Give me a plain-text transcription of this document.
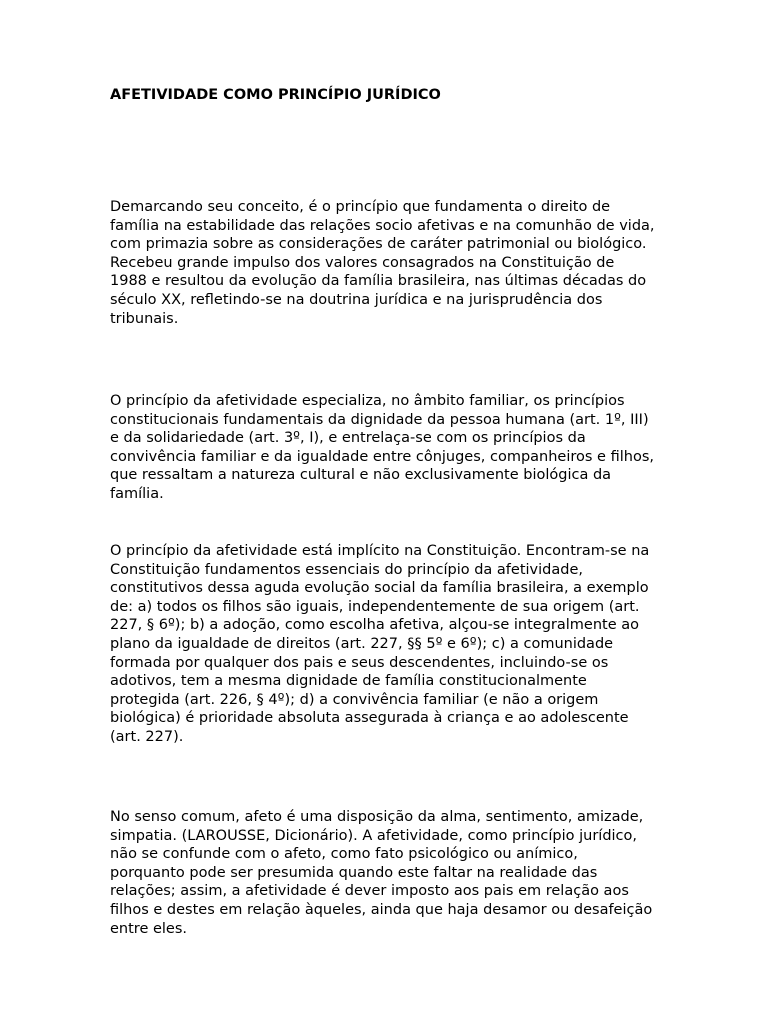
AFETIVIDADE COMO PRINCÍPIO JURÍDICO

Demarcando seu conceito, é o princípio que fundamenta o direito de família na estabilidade das relações socio afetivas e na comunhão de vida, com primazia sobre as considerações de caráter patrimonial ou biológico. Recebeu grande impulso dos valores consagrados na Constituição de 1988 e resultou da evolução da família brasileira, nas últimas décadas do século XX, refletindo-se na doutrina jurídica e na jurisprudência dos tribunais.

O princípio da afetividade especializa, no âmbito familiar, os princípios constitucionais fundamentais da dignidade da pessoa humana (art. 1º, III) e da solidariedade (art. 3º, I), e entrelaça-se com os princípios da convivência familiar e da igualdade entre cônjuges, companheiros e filhos, que ressaltam a natureza cultural e não exclusivamente biológica da família.

O princípio da afetividade está implícito na Constituição. Encontram-se na Constituição fundamentos essenciais do princípio da afetividade, constitutivos dessa aguda evolução social da família brasileira, a exemplo de: a) todos os filhos são iguais, independentemente de sua origem (art. 227, § 6º); b) a adoção, como escolha afetiva, alçou-se integralmente ao plano da igualdade de direitos (art. 227, §§ 5º e 6º); c) a comunidade formada por qualquer dos pais e seus descendentes, incluindo-se os adotivos, tem a mesma dignidade de família constitucionalmente protegida (art. 226, § 4º); d) a convivência familiar (e não a origem biológica) é prioridade absoluta assegurada à criança e ao adolescente (art. 227).

No senso comum, afeto é uma disposição da alma, sentimento, amizade, simpatia. (LAROUSSE, Dicionário). A afetividade, como princípio jurídico, não se confunde com o afeto, como fato psicológico ou anímico, porquanto pode ser presumida quando este faltar na realidade das relações; assim, a afetividade é dever imposto aos pais em relação aos filhos e destes em relação àqueles, ainda que haja desamor ou desafeição entre eles.
